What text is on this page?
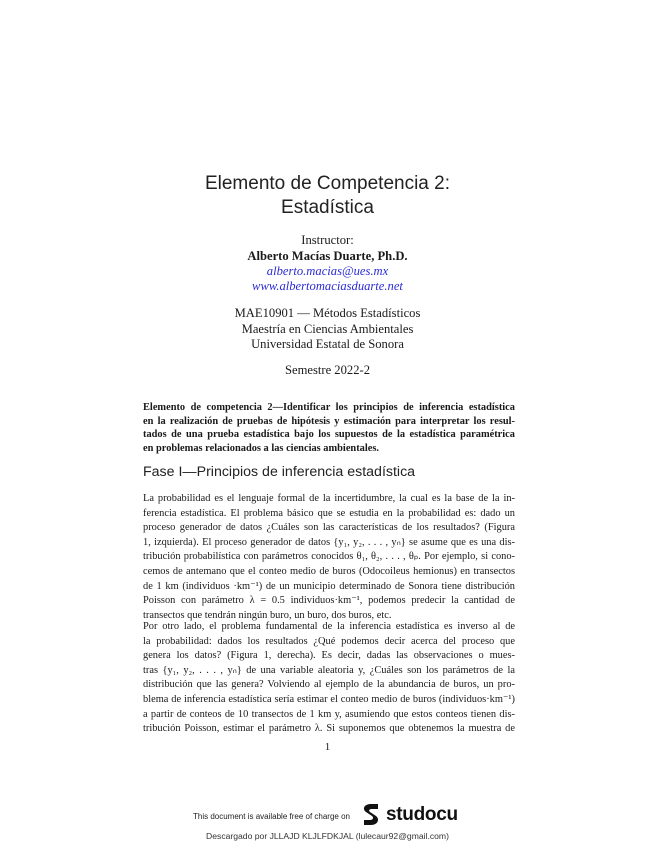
Elemento de Competencia 2:
Estadística
Instructor:
Alberto Macías Duarte, Ph.D.
alberto.macias@ues.mx
www.albertomaciasduarte.net
MAE10901 — Métodos Estadísticos
Maestría en Ciencias Ambientales
Universidad Estatal de Sonora
Semestre 2022-2
Elemento de competencia 2—Identificar los principios de inferencia estadística
en la realización de pruebas de hipótesis y estimación para interpretar los resul-
tados de una prueba estadística bajo los supuestos de la estadística paramétrica
en problemas relacionados a las ciencias ambientales.
Fase I—Principios de inferencia estadística
La probabilidad es el lenguaje formal de la incertidumbre, la cual es la base de la in-
ferencia estadística. El problema básico que se estudia en la probabilidad es: dado un
proceso generador de datos ¿Cuáles son las características de los resultados? (Figura
1, izquierda). El proceso generador de datos {y₁, y₂, . . . , yₙ} se asume que es una dis-
tribución probabilística con parámetros conocidos θ₁, θ₂, . . . , θₚ. Por ejemplo, si cono-
cemos de antemano que el conteo medio de buros (Odocoileus hemionus) en transectos
de 1 km (individuos ·km⁻¹) de un municipio determinado de Sonora tiene distribución
Poisson con parámetro λ = 0.5 individuos·km⁻¹, podemos predecir la cantidad de
transectos que tendrán ningún buro, un buro, dos buros, etc.
Por otro lado, el problema fundamental de la inferencia estadística es inverso al de
la probabilidad: dados los resultados ¿Qué podemos decir acerca del proceso que
genera los datos? (Figura 1, derecha). Es decir, dadas las observaciones o mues-
tras {y₁, y₂, . . . , yₙ} de una variable aleatoria y, ¿Cuáles son los parámetros de la
distribución que las genera? Volviendo al ejemplo de la abundancia de buros, un pro-
blema de inferencia estadística sería estimar el conteo medio de buros (individuos·km⁻¹)
a partir de conteos de 10 transectos de 1 km y, asumiendo que estos conteos tienen dis-
tribución Poisson, estimar el parámetro λ. Si suponemos que obtenemos la muestra de
1
This document is available free of charge on studocu
Descargado por JLLAJD KLJLFDKJAL (lulecaur92@gmail.com)
